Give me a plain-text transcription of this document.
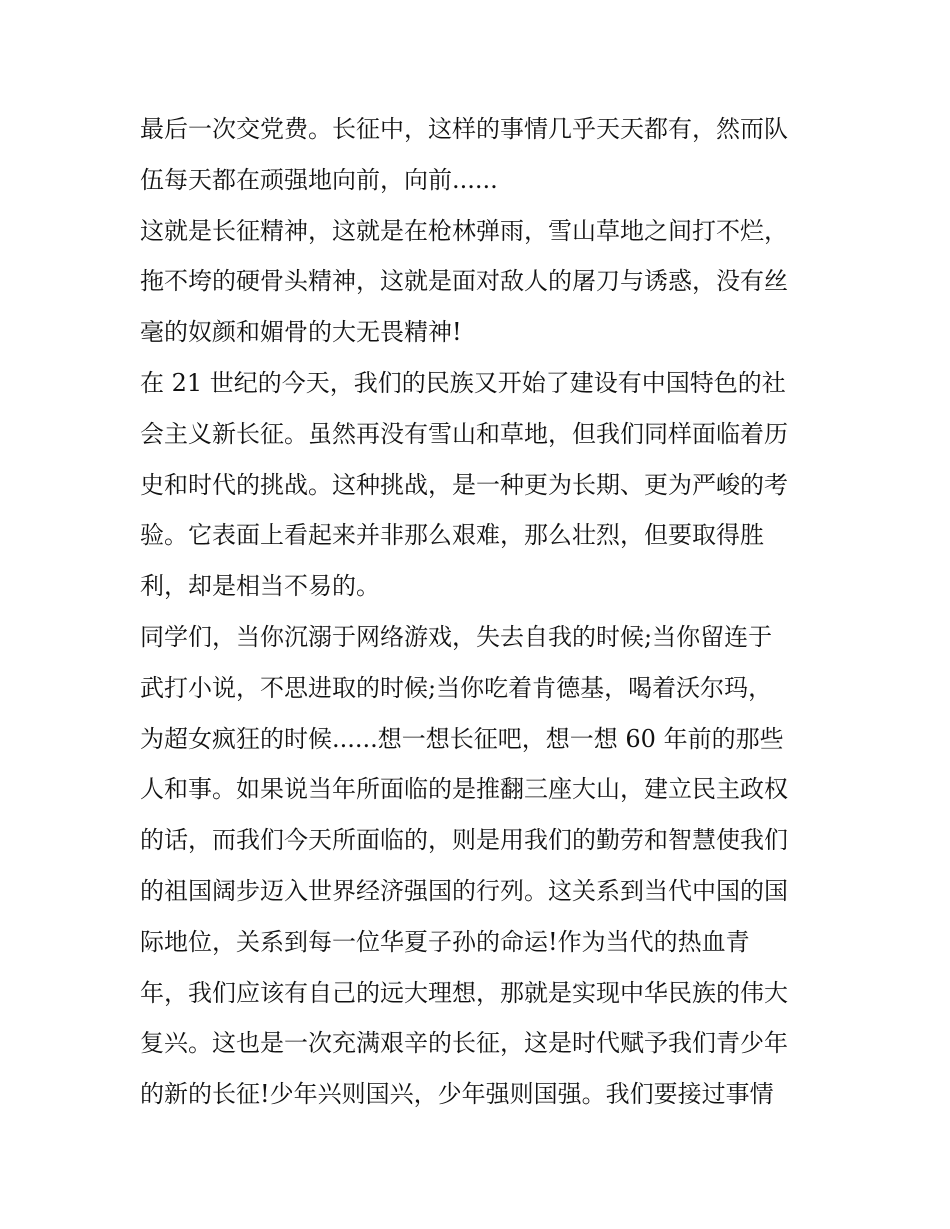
最后一次交党费。长征中，这样的事情几乎天天都有，然而队
伍每天都在顽强地向前，向前......
这就是长征精神，这就是在枪林弹雨，雪山草地之间打不烂，
拖不垮的硬骨头精神，这就是面对敌人的屠刀与诱惑，没有丝
毫的奴颜和媚骨的大无畏精神!
在 21 世纪的今天，我们的民族又开始了建设有中国特色的社
会主义新长征。虽然再没有雪山和草地，但我们同样面临着历
史和时代的挑战。这种挑战，是一种更为长期、更为严峻的考
验。它表面上看起来并非那么艰难，那么壮烈，但要取得胜
利，却是相当不易的。
同学们，当你沉溺于网络游戏，失去自我的时候;当你留连于
武打小说，不思进取的时候;当你吃着肯德基，喝着沃尔玛，
为超女疯狂的时候......想一想长征吧，想一想 60 年前的那些
人和事。如果说当年所面临的是推翻三座大山，建立民主政权
的话，而我们今天所面临的，则是用我们的勤劳和智慧使我们
的祖国阔步迈入世界经济强国的行列。这关系到当代中国的国
际地位，关系到每一位华夏子孙的命运!作为当代的热血青
年，我们应该有自己的远大理想，那就是实现中华民族的伟大
复兴。这也是一次充满艰辛的长征，这是时代赋予我们青少年
的新的长征!少年兴则国兴，少年强则国强。我们要接过事情
